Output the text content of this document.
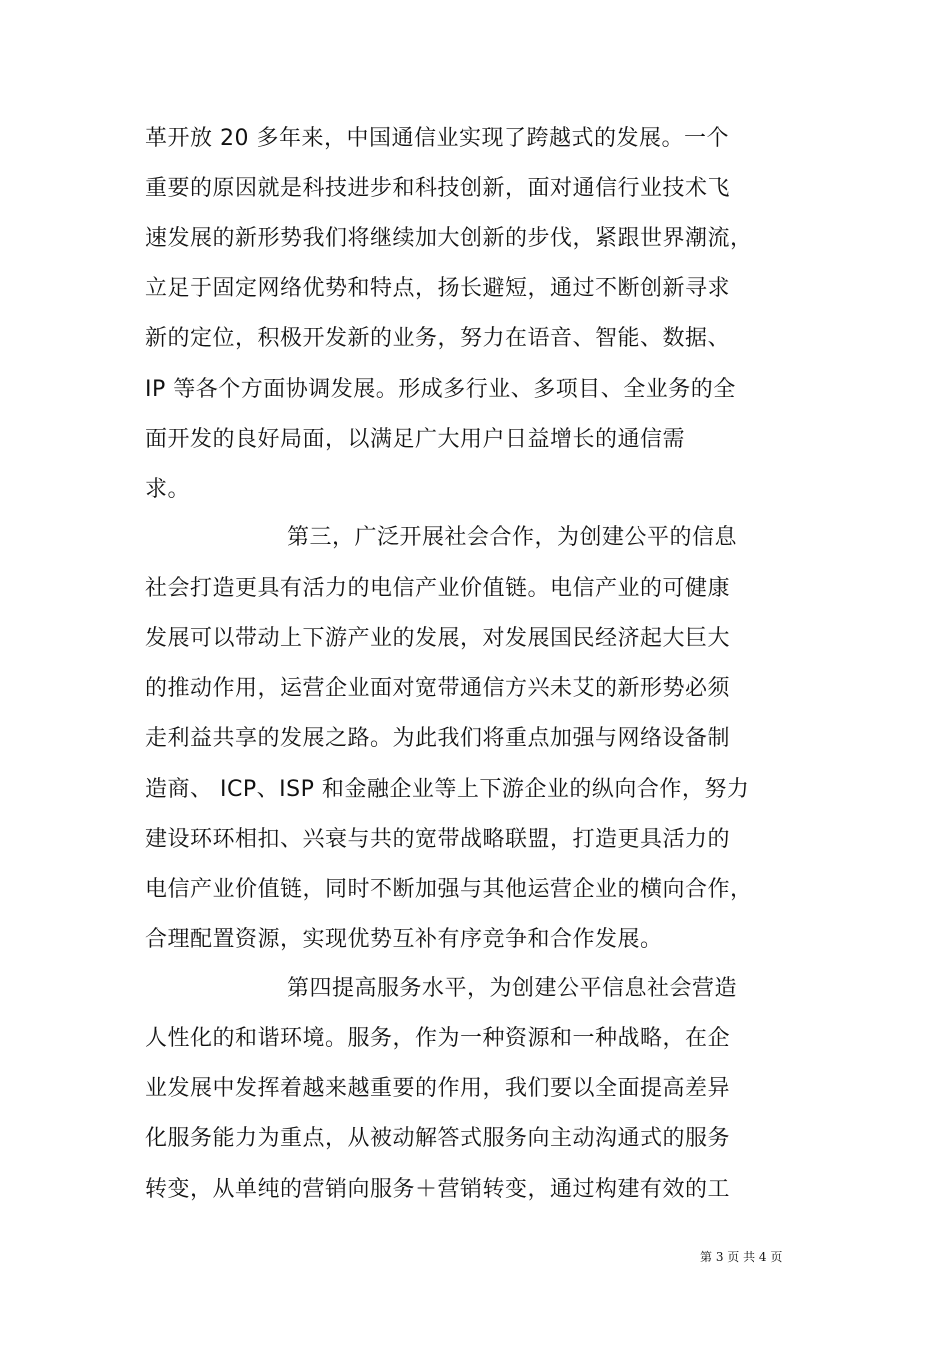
革开放 20 多年来，中国通信业实现了跨越式的发展。一个
重要的原因就是科技进步和科技创新，面对通信行业技术飞
速发展的新形势我们将继续加大创新的步伐，紧跟世界潮流，
立足于固定网络优势和特点，扬长避短，通过不断创新寻求
新的定位，积极开发新的业务，努力在语音、智能、数据、
IP 等各个方面协调发展。形成多行业、多项目、全业务的全
面开发的良好局面，以满足广大用户日益增长的通信需
求。
第三，广泛开展社会合作，为创建公平的信息
社会打造更具有活力的电信产业价值链。电信产业的可健康
发展可以带动上下游产业的发展，对发展国民经济起大巨大
的推动作用，运营企业面对宽带通信方兴未艾的新形势必须
走利益共享的发展之路。为此我们将重点加强与网络设备制
造商、 ICP、ISP 和金融企业等上下游企业的纵向合作，努力
建设环环相扣、兴衰与共的宽带战略联盟，打造更具活力的
电信产业价值链，同时不断加强与其他运营企业的横向合作，
合理配置资源，实现优势互补有序竞争和合作发展。
第四提高服务水平，为创建公平信息社会营造
人性化的和谐环境。服务，作为一种资源和一种战略，在企
业发展中发挥着越来越重要的作用，我们要以全面提高差异
化服务能力为重点，从被动解答式服务向主动沟通式的服务
转变，从单纯的营销向服务＋营销转变，通过构建有效的工
第 3 页 共 4 页
